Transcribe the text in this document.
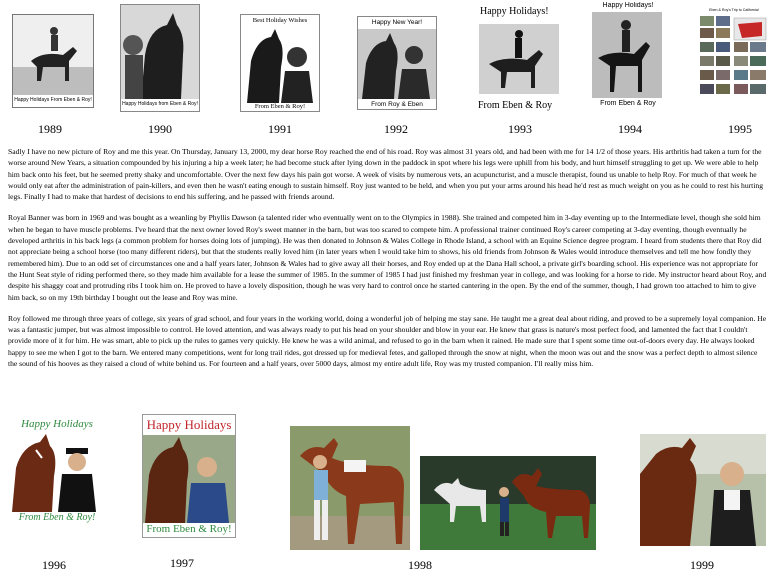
Happy Holidays From Eben & Roy!
1989
Happy Holidays from Eben & Roy!
1990
Best Holiday Wishes
From Eben & Roy!
1991
Happy New Year!
From Roy & Eben
1992
Happy Holidays!
From Eben & Roy
1993
Happy Holidays!
From Eben & Roy
1994
Eben & Roy's Trip to California!
1995

Sadly I have no new picture of Roy and me this year. On Thursday, January 13, 2000, my dear horse Roy reached the end of his road. Roy was almost 31 years old, and had been with me for 14 1/2 of those years. His arthritis had taken a turn for the worse around New Years, a situation compounded by his injuring a hip a week later; he had become stuck after lying down in the paddock in spot where his legs were uphill from his body, and hurt himself struggling to get up. We were able to help him back onto his feet, but he seemed pretty shaky and uncomfortable. Over the next few days his pain got worse. A week of visits by numerous vets, an acupuncturist, and a muscle therapist, found us unable to help Roy. For much of that week he would only eat after the administration of pain-killers, and even then he wasn't eating enough to sustain himself. Roy just wanted to be held, and when you put your arms around his head he'd rest as much weight on you as he could to rest his hurting legs. Finally I had to make that hardest of decisions to end his suffering, and he passed with friends around.

Royal Banner was born in 1969 and was bought as a weanling by Phyllis Dawson (a talented rider who eventually went on to the Olympics in 1988). She trained and competed him in 3-day eventing up to the Intermediate level, though she sold him when he began to have muscle problems. I've heard that the next owner loved Roy's sweet manner in the barn, but was too scared to compete him. A professional trainer continued Roy's career competing at 3-day eventing, though eventually he developed arthritis in his back legs (a common problem for horses doing lots of jumping). He was then donated to Johnson & Wales College in Rhode Island, a school with an Equine Science degree program. I heard from students there that Roy did not appreciate being a school horse (too many different riders), but that the students really loved him (in later years when I would take him to shows, his old friends from Johnson & Wales would introduce themselves and tell me how fondly they remembered him). Due to an odd set of circumstances one and a half years later, Johnson & Wales had to give away all their horses, and Roy ended up at the Dana Hall school, a private girl's boarding school. His experience was not appropriate for the Hunt Seat style of riding performed there, so they made him available for a lease the summer of 1985. In the summer of 1985 I had just finished my freshman year in college, and was looking for a horse to ride. My instructor heard about Roy, and despite his shaggy coat and protruding ribs I took him on. He proved to have a lovely disposition, though he was very hard to control once he started cantering in the open. By the end of the summer, though, I had grown too attached to him to give him back, so on my 19th birthday I bought out the lease and Roy was mine.

Roy followed me through three years of college, six years of grad school, and four years in the working world, doing a wonderful job of helping me stay sane. He taught me a great deal about riding, and proved to be a supremely loyal companion. He was a fantastic jumper, but was almost impossible to control. He loved attention, and was always ready to put his head on your shoulder and blow in your ear. He knew that grass is nature's most perfect food, and lamented the fact that I couldn't provide more of it for him. He was smart, able to pick up the rules to games very quickly. He knew he was a wild animal, and refused to go in the barn when it rained. He made sure that I spent some time out-of-doors every day. He always looked happy to see me when I got to the barn. We entered many competitions, went for long trail rides, got dressed up for medieval fetes, and galloped through the snow at night, when the moon was out and the snow was a perfect depth to almost silence the sound of his hooves as they raised a cloud of white behind us. For fourteen and a half years, over 5000 days, almost my entire adult life, Roy was my trusted companion. I'll really miss him.

Happy Holidays
From Eben & Roy!
1996
Happy Holidays
From Eben & Roy!
1997	1998	1999
